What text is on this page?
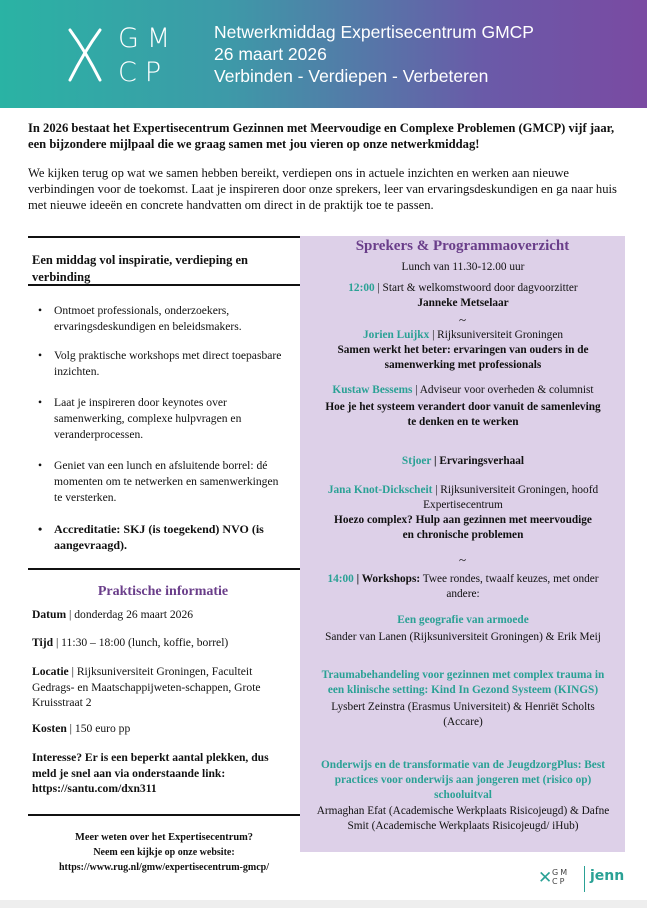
GM
CP
Netwerkmiddag Expertisecentrum GMCP
26 maart 2026
Verbinden - Verdiepen - Verbeteren

In 2026 bestaat het Expertisecentrum Gezinnen met Meervoudige en Complexe Problemen (GMCP) vijf jaar, een bijzondere mijlpaal die we graag samen met jou vieren op onze netwerkmiddag!

We kijken terug op wat we samen hebben bereikt, verdiepen ons in actuele inzichten en werken aan nieuwe verbindingen voor de toekomst. Laat je inspireren door onze sprekers, leer van ervaringsdeskundigen en ga naar huis met nieuwe ideeën en concrete handvatten om direct in de praktijk toe te passen.

Een middag vol inspiratie, verdieping en verbinding
• Ontmoet professionals, onderzoekers, ervaringsdeskundigen en beleidsmakers.
• Volg praktische workshops met direct toepasbare inzichten.
• Laat je inspireren door keynotes over samenwerking, complexe hulpvragen en veranderprocessen.
• Geniet van een lunch en afsluitende borrel: dé momenten om te netwerken en samenwerkingen te versterken.
• Accreditatie: SKJ (is toegekend) NVO (is aangevraagd).
Praktische informatie
Datum | donderdag 26 maart 2026
Tijd | 11:30 – 18:00 (lunch, koffie, borrel)
Locatie | Rijksuniversiteit Groningen, Faculteit Gedrags- en Maatschappijweten-schappen, Grote Kruisstraat 2
Kosten | 150 euro pp
Interesse? Er is een beperkt aantal plekken, dus meld je snel aan via onderstaande link: https://santu.com/dxn311
Meer weten over het Expertisecentrum?
Neem een kijkje op onze website:
https://www.rug.nl/gmw/expertisecentrum-gmcp/
Sprekers & Programmaoverzicht
Lunch van 11.30-12.00 uur
12:00 | Start & welkomstwoord door dagvoorzitter
Janneke Metselaar
~
Jorien Luijkx | Rijksuniversiteit Groningen
Samen werkt het beter: ervaringen van ouders in de samenwerking met professionals
Kustaw Bessems | Adviseur voor overheden & columnist
Hoe je het systeem verandert door vanuit de samenleving te denken en te werken
Stjoer | Ervaringsverhaal
Jana Knot-Dickscheit | Rijksuniversiteit Groningen, hoofd Expertisecentrum
Hoezo complex? Hulp aan gezinnen met meervoudige en chronische problemen
~
14:00 | Workshops: Twee rondes, twaalf keuzes, met onder andere:
Een geografie van armoede
Sander van Lanen (Rijksuniversiteit Groningen) & Erik Meij
Traumabehandeling voor gezinnen met complex trauma in een klinische setting: Kind In Gezond Systeem (KINGS)
Lysbert Zeinstra (Erasmus Universiteit) & Henriët Scholts (Accare)
Onderwijs en de transformatie van de JeugdzorgPlus: Best practices voor onderwijs aan jongeren met (risico op) schooluitval
Armaghan Efat (Academische Werkplaats Risicojeugd) & Dafne Smit (Academische Werkplaats Risicojeugd/ iHub)
✕ GM
CP jenn
